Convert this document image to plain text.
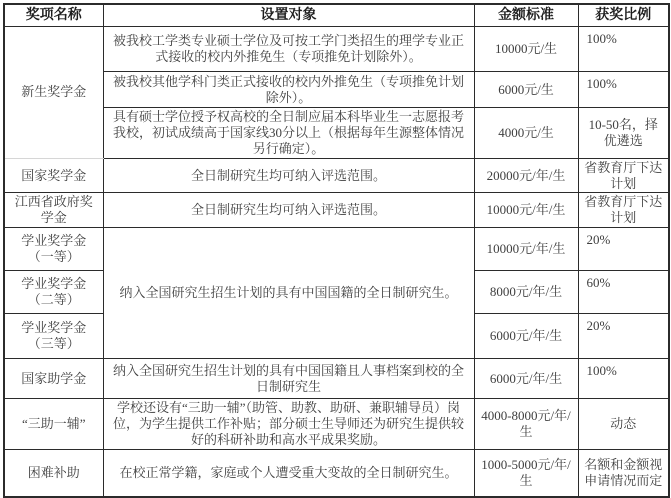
奖项名称	设置对象	金额标准	获奖比例
新生奖学金	被我校工学类专业硕士学位及可按工学门类招生的理学专业正式接收的校内外推免生（专项推免计划除外）。	10000元/生	100%
	被我校其他学科门类正式接收的校内外推免生（专项推免计划除外）。	6000元/生	100%
	具有硕士学位授予权高校的全日制应届本科毕业生一志愿报考我校，初试成绩高于国家线30分以上（根据每年生源整体情况另行确定）。	4000元/生	10-50名，择优遴选
国家奖学金	全日制研究生均可纳入评选范围。	20000元/年/生	省教育厅下达计划
江西省政府奖学金	全日制研究生均可纳入评选范围。	10000元/年/生	省教育厅下达计划
学业奖学金（一等）	纳入全国研究生招生计划的具有中国国籍的全日制研究生。	10000元/年/生	20%
学业奖学金（二等）		8000元/年/生	60%
学业奖学金（三等）		6000元/年/生	20%
国家助学金	纳入全国研究生招生计划的具有中国国籍且人事档案到校的全日制研究生	6000元/年/生	100%
“三助一辅”	学校还设有“三助一辅”（助管、助教、助研、兼职辅导员）岗位，为学生提供工作补贴；部分硕士生导师还为研究生提供较好的科研补助和高水平成果奖励。	4000-8000元/年/生	动态
困难补助	在校正常学籍，家庭或个人遭受重大变故的全日制研究生。	1000-5000元/年/生	名额和金额视申请情况而定
